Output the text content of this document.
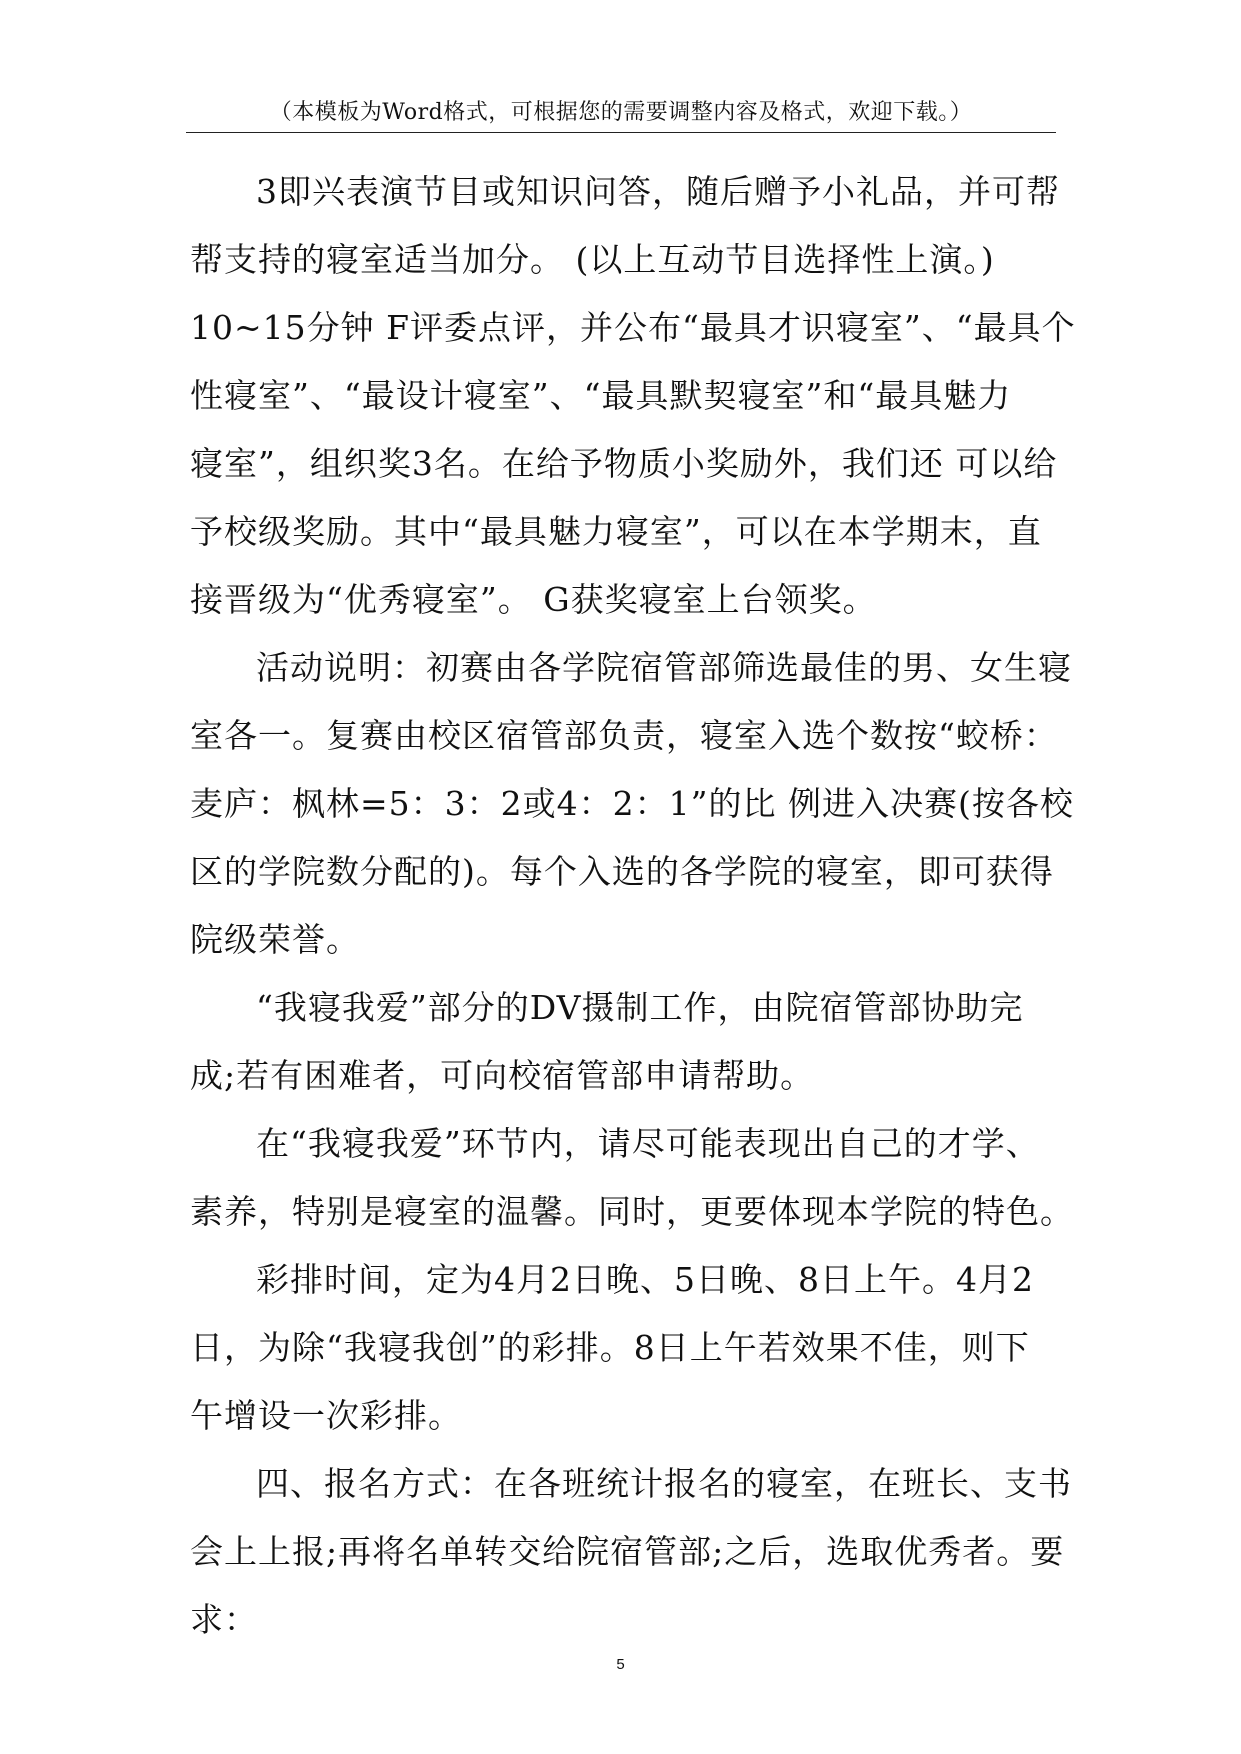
（本模板为Word格式，可根据您的需要调整内容及格式，欢迎下载。）
3即兴表演节目或知识问答，随后赠予小礼品，并可帮
帮支持的寝室适当加分。 (以上互动节目选择性上演。)
10~15分钟 F评委点评，并公布“最具才识寝室”、“最具个
性寝室”、“最设计寝室”、“最具默契寝室”和“最具魅力
寝室”，组织奖3名。在给予物质小奖励外，我们还 可以给
予校级奖励。其中“最具魅力寝室”，可以在本学期末，直
接晋级为“优秀寝室”。 G获奖寝室上台领奖。
活动说明：初赛由各学院宿管部筛选最佳的男、女生寝
室各一。复赛由校区宿管部负责，寝室入选个数按“蛟桥：
麦庐：枫林=5：3：2或4：2：1”的比 例进入决赛(按各校
区的学院数分配的)。每个入选的各学院的寝室，即可获得
院级荣誉。
“我寝我爱”部分的DV摄制工作，由院宿管部协助完
成;若有困难者，可向校宿管部申请帮助。
在“我寝我爱”环节内，请尽可能表现出自己的才学、
素养，特别是寝室的温馨。同时，更要体现本学院的特色。
彩排时间，定为4月2日晚、5日晚、8日上午。4月2
日，为除“我寝我创”的彩排。8日上午若效果不佳，则下
午增设一次彩排。
四、报名方式：在各班统计报名的寝室，在班长、支书
会上上报;再将名单转交给院宿管部;之后，选取优秀者。要
求：
5
